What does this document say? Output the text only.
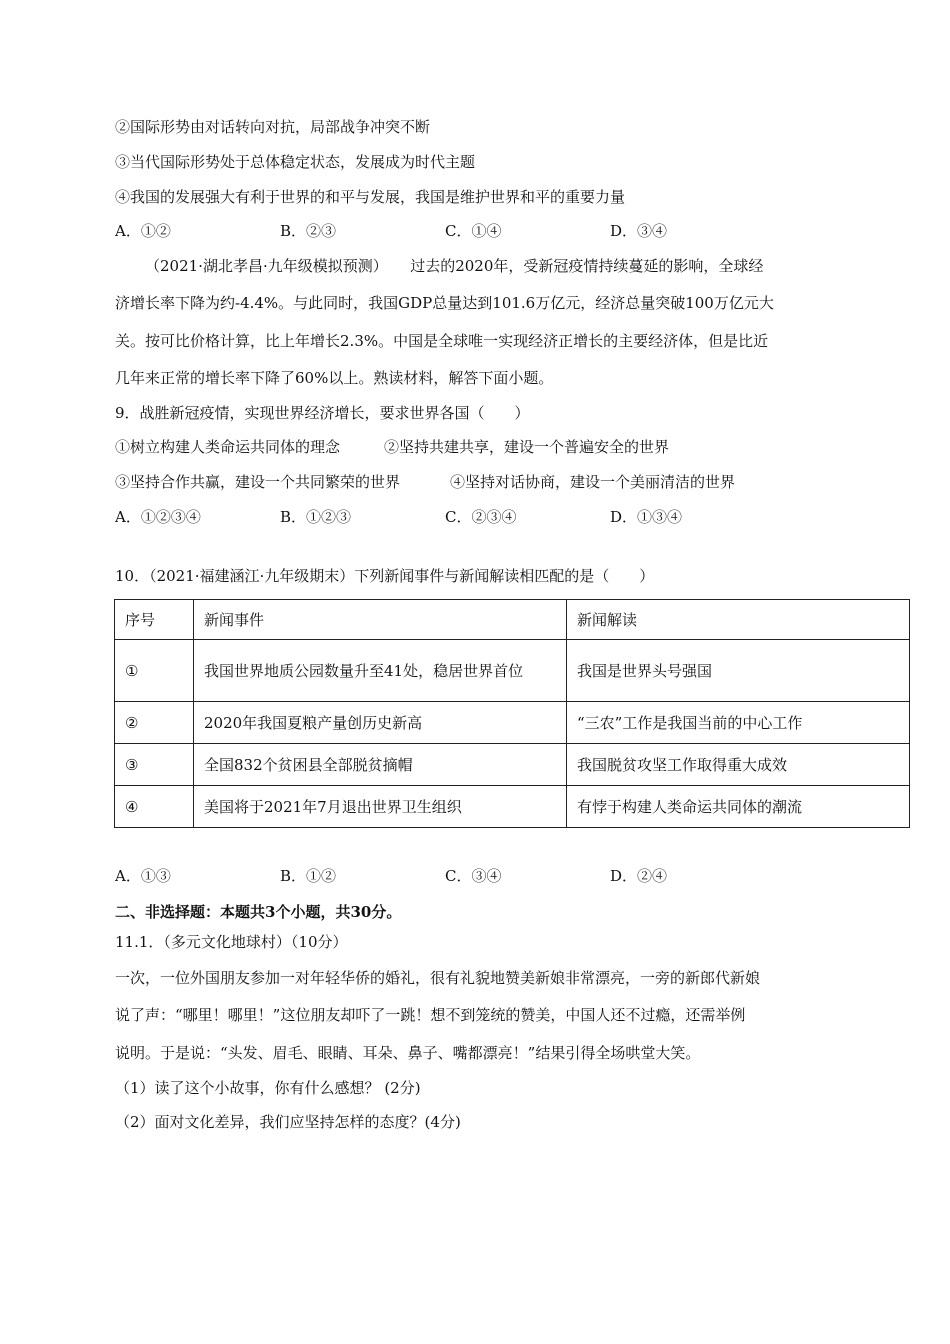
②国际形势由对话转向对抗，局部战争冲突不断
③当代国际形势处于总体稳定状态，发展成为时代主题
④我国的发展强大有利于世界的和平与发展，我国是维护世界和平的重要力量
A．①②	B．②③	C．①④	D．③④
（2021·湖北孝昌·九年级模拟预测）　　过去的2020年，受新冠疫情持续蔓延的影响，全球经
济增长率下降为约-4.4%。与此同时，我国GDP总量达到101.6万亿元，经济总量突破100万亿元大
关。按可比价格计算，比上年增长2.3%。中国是全球唯一实现经济正增长的主要经济体，但是比近
几年来正常的增长率下降了60%以上。熟读材料，解答下面小题。
9．战胜新冠疫情，实现世界经济增长，要求世界各国（　　）
①树立构建人类命运共同体的理念	②坚持共建共享，建设一个普遍安全的世界
③坚持合作共赢，建设一个共同繁荣的世界	④坚持对话协商，建设一个美丽清洁的世界
A．①②③④	B．①②③	C．②③④	D．①③④
10．（2021·福建涵江·九年级期末）下列新闻事件与新闻解读相匹配的是（　　）
序号	新闻事件	新闻解读
①	我国世界地质公园数量升至41处，稳居世界首位	我国是世界头号强国
②	2020年我国夏粮产量创历史新高	“三农”工作是我国当前的中心工作
③	全国832个贫困县全部脱贫摘帽	我国脱贫攻坚工作取得重大成效
④	美国将于2021年7月退出世界卫生组织	有悖于构建人类命运共同体的潮流
A．①③	B．①②	C．③④	D．②④
二、非选择题：本题共3个小题，共30分。
11.1．（多元文化地球村）（10分）
一次，一位外国朋友参加一对年轻华侨的婚礼，很有礼貌地赞美新娘非常漂亮，一旁的新郎代新娘
说了声：“哪里！哪里！”这位朋友却吓了一跳！想不到笼统的赞美，中国人还不过瘾，还需举例
说明。于是说：“头发、眉毛、眼睛、耳朵、鼻子、嘴都漂亮！”结果引得全场哄堂大笑。
（1）读了这个小故事，你有什么感想？ (2分)
（2）面对文化差异，我们应坚持怎样的态度？(4分)
